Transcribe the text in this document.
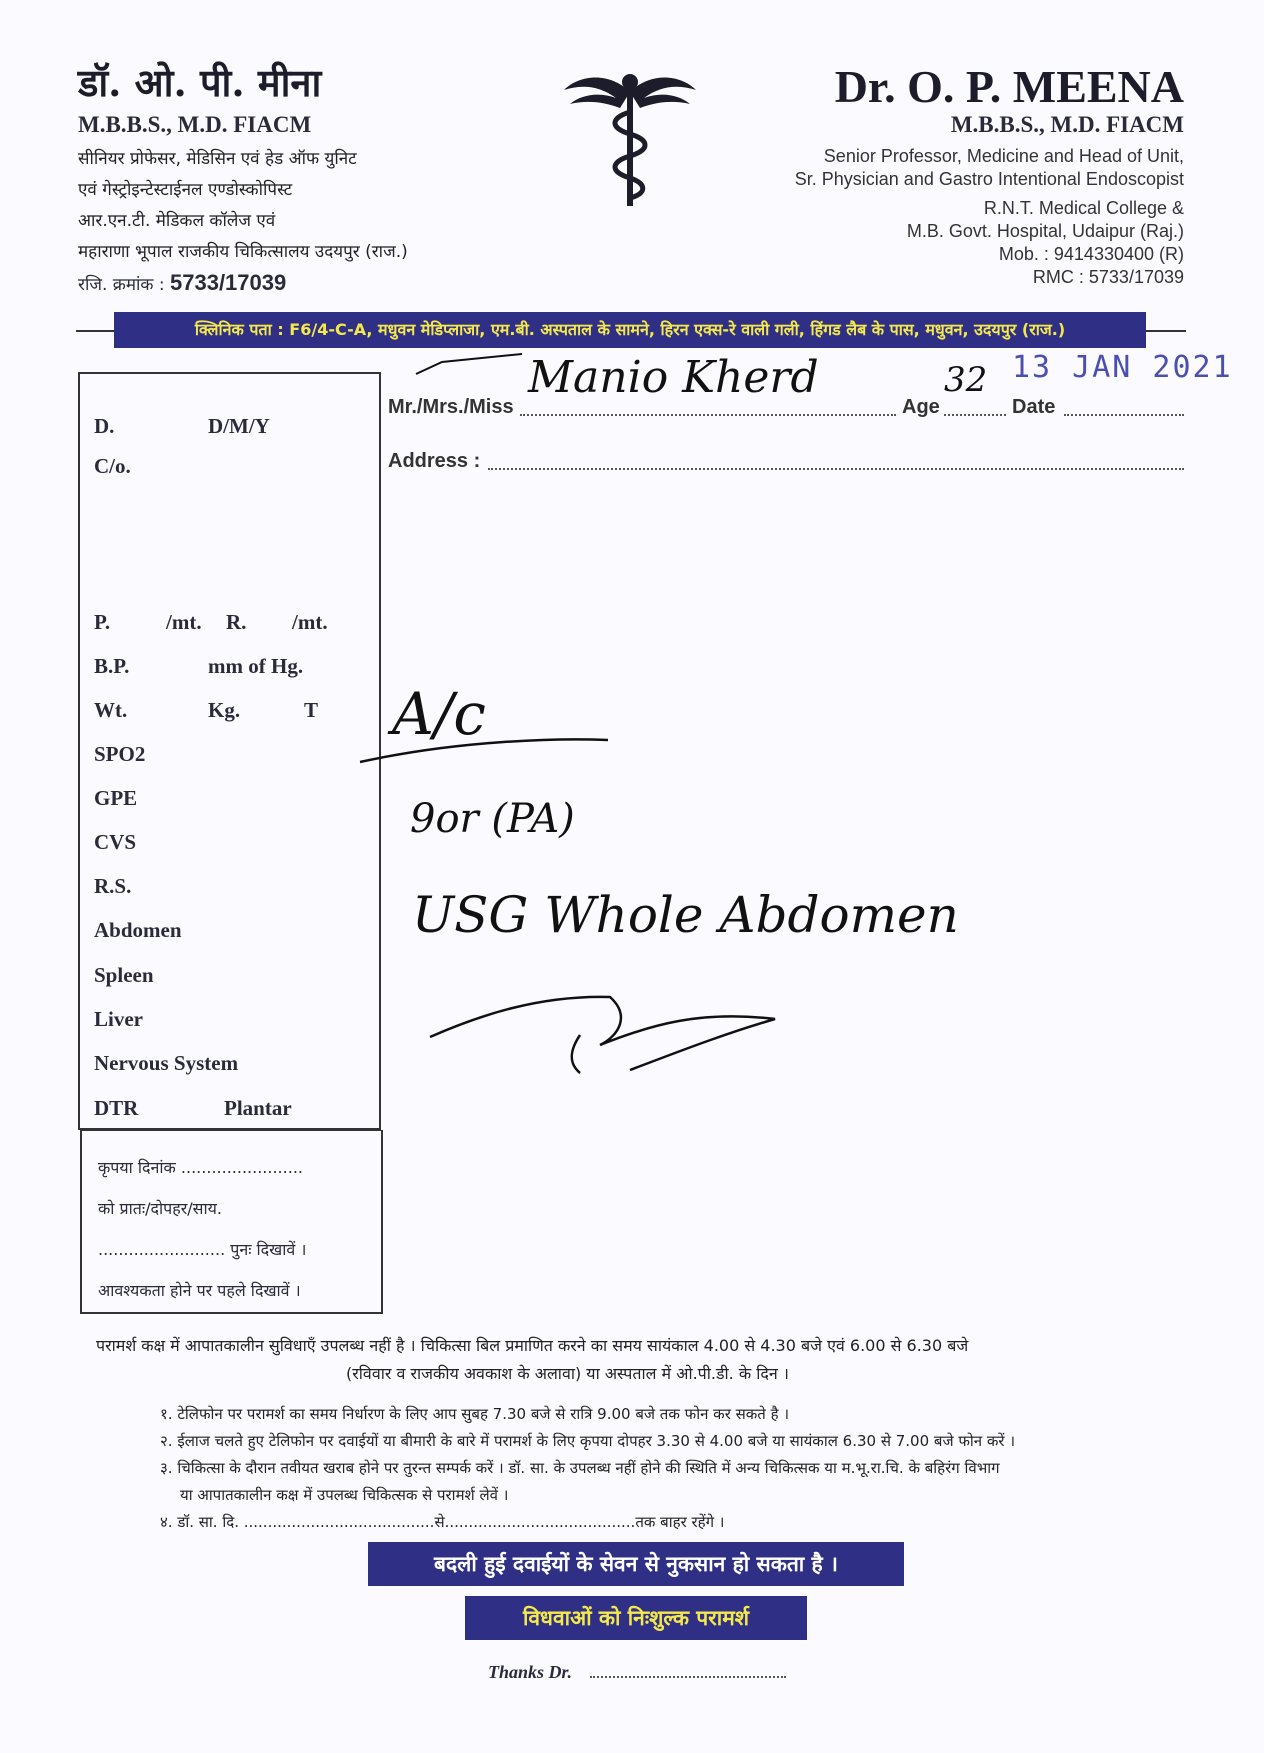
डॉ. ओ. पी. मीना
M.B.B.S., M.D. FIACM
सीनियर प्रोफेसर, मेडिसिन एवं हेड ऑफ युनिट
एवं गेस्ट्रोइन्टेस्टाईनल एण्डोस्कोपिस्ट
आर.एन.टी. मेडिकल कॉलेज एवं
महाराणा भूपाल राजकीय चिकित्सालय उदयपुर (राज.)
रजि. क्रमांक : 5733/17039
Dr. O. P. MEENA
M.B.B.S., M.D. FIACM
Senior Professor, Medicine and Head of Unit,
Sr. Physician and Gastro Intentional Endoscopist
R.N.T. Medical College &
M.B. Govt. Hospital, Udaipur (Raj.)
Mob. : 9414330400 (R)
RMC : 5733/17039
क्लिनिक पता : F6/4-C-A, मधुवन मेडिप्लाजा, एम.बी. अस्पताल के सामने, हिरन एक्स-रे वाली गली, हिंगड लैब के पास, मधुवन, उदयपुर (राज.)
Mr./Mrs./Miss
Manio Kherd
Age
32
Date
13 JAN 2021
Address :
D.	D/M/Y
C/o.
P.	/mt. R. /mt.
B.P.	mm of Hg.
Wt.	Kg.	T
SPO2
GPE
CVS
R.S.
Abdomen
Spleen
Liver
Nervous System
DTR	Plantar
कृपया दिनांक ........................
को प्रातः/दोपहर/साय.
......................... पुनः दिखावें ।
आवश्यकता होने पर पहले दिखावें ।
A/c
9or (PA)
USG Whole Abdomen
परामर्श कक्ष में आपातकालीन सुविधाएँ उपलब्ध नहीं है । चिकित्सा बिल प्रमाणित करने का समय सायंकाल 4.00 से 4.30 बजे एवं 6.00 से 6.30 बजे
(रविवार व राजकीय अवकाश के अलावा) या अस्पताल में ओ.पी.डी. के दिन ।
१. टेलिफोन पर परामर्श का समय निर्धारण के लिए आप सुबह 7.30 बजे से रात्रि 9.00 बजे तक फोन कर सकते है ।
२. ईलाज चलते हुए टेलिफोन पर दवाईयों या बीमारी के बारे में परामर्श के लिए कृपया दोपहर 3.30 से 4.00 बजे या सायंकाल 6.30 से 7.00 बजे फोन करें ।
३. चिकित्सा के दौरान तवीयत खराब होने पर तुरन्त सम्पर्क करें । डॉ. सा. के उपलब्ध नहीं होने की स्थिति में अन्य चिकित्सक या म.भू.रा.चि. के बहिरंग विभाग
या आपातकालीन कक्ष में उपलब्ध चिकित्सक से परामर्श लेवें ।
४. डॉ. सा. दि. ........................................से........................................तक बाहर रहेंगे ।
बदली हुई दवाईयों के सेवन से नुकसान हो सकता है ।
विधवाओं को निःशुल्क परामर्श
Thanks Dr.
